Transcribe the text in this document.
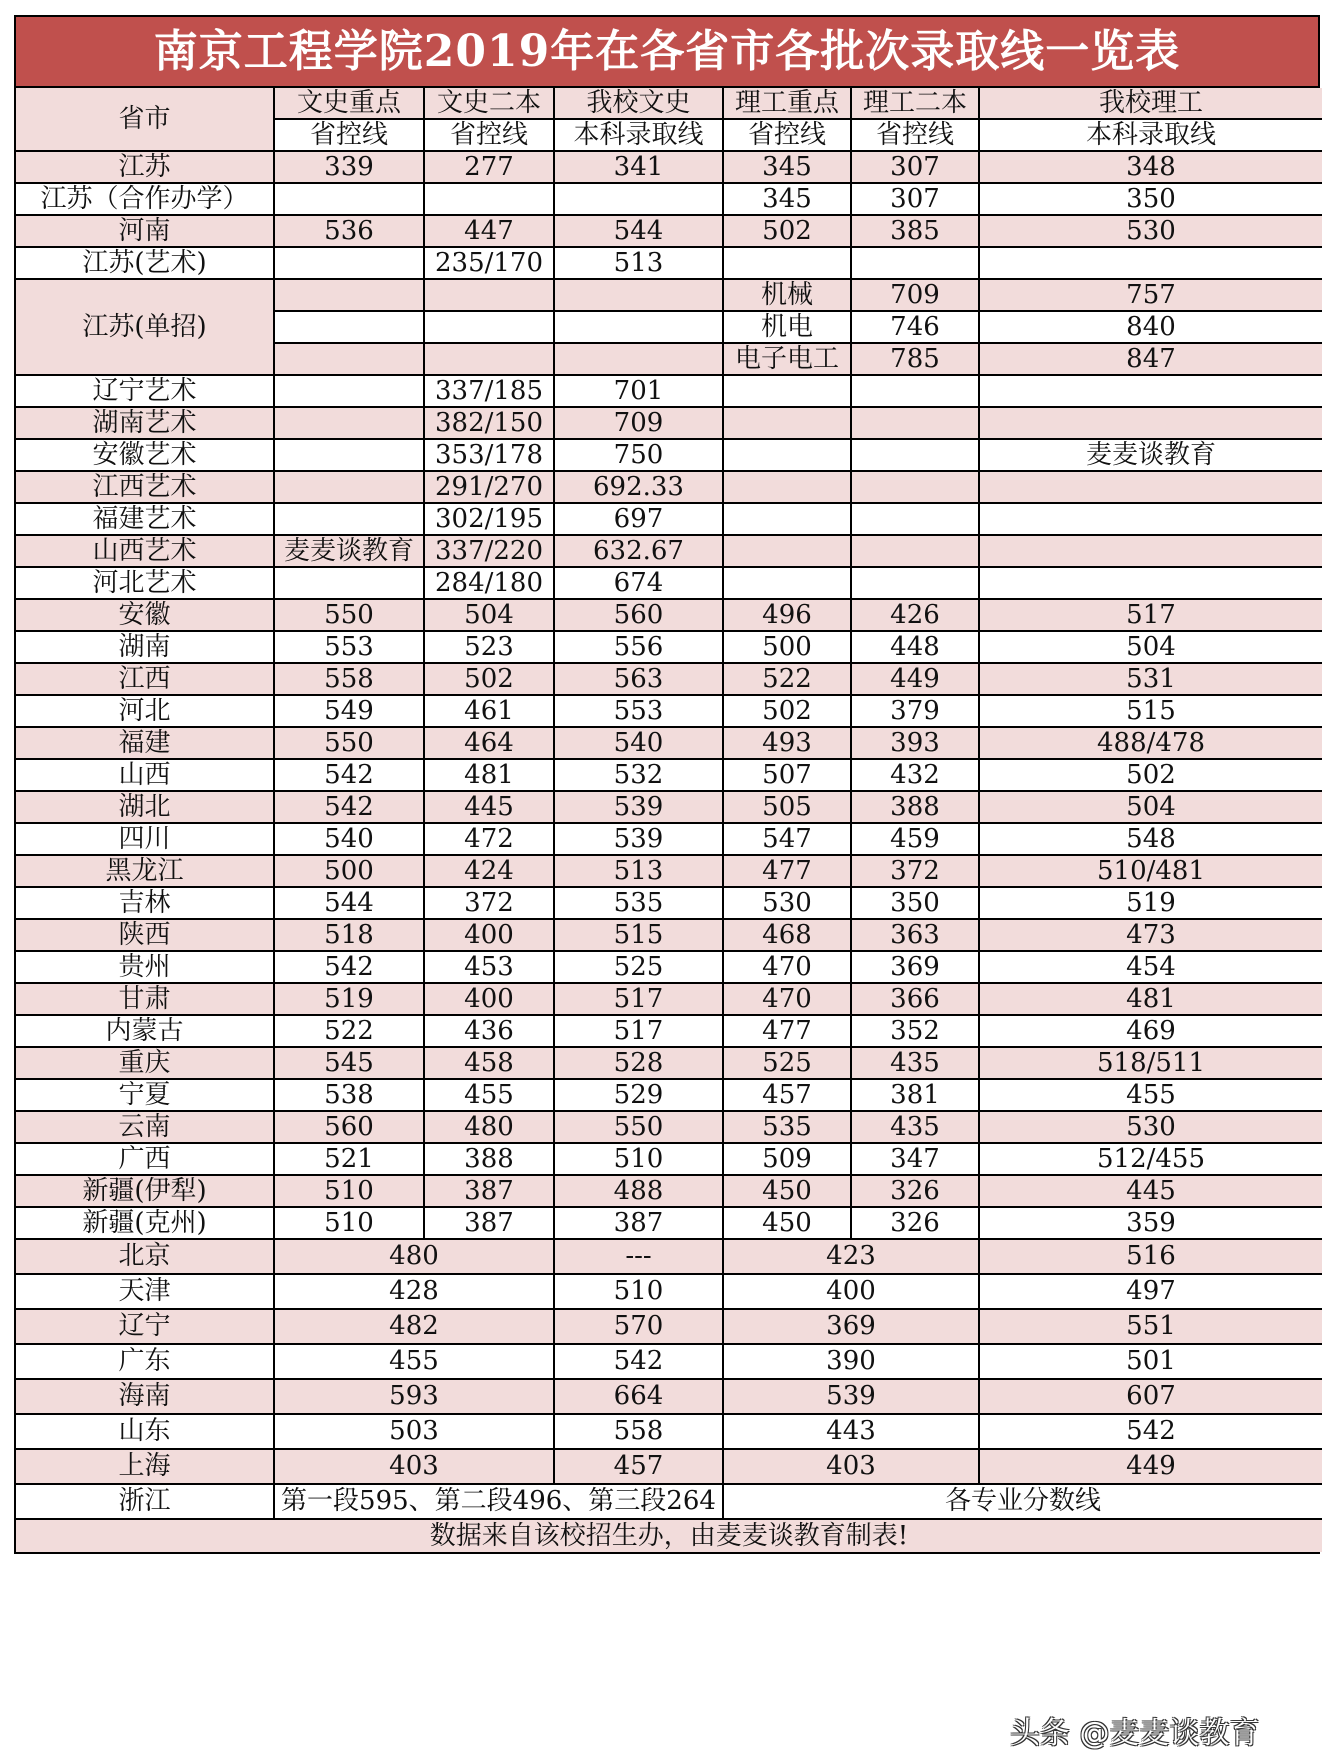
南京工程学院2019年在各省市各批次录取线一览表
省市	文史重点	文史二本	我校文史	理工重点	理工二本	我校理工
	省控线	省控线	本科录取线	省控线	省控线	本科录取线
江苏	339	277	341	345	307	348
江苏（合作办学）				345	307	350
河南	536	447	544	502	385	530
江苏(艺术)		235/170	513			
江苏(单招)				机械	709	757
				机电	746	840
				电子电工	785	847
辽宁艺术		337/185	701			
湖南艺术		382/150	709			
安徽艺术		353/178	750			麦麦谈教育
江西艺术		291/270	692.33			
福建艺术		302/195	697			
山西艺术	麦麦谈教育	337/220	632.67			
河北艺术		284/180	674			
安徽	550	504	560	496	426	517
湖南	553	523	556	500	448	504
江西	558	502	563	522	449	531
河北	549	461	553	502	379	515
福建	550	464	540	493	393	488/478
山西	542	481	532	507	432	502
湖北	542	445	539	505	388	504
四川	540	472	539	547	459	548
黑龙江	500	424	513	477	372	510/481
吉林	544	372	535	530	350	519
陕西	518	400	515	468	363	473
贵州	542	453	525	470	369	454
甘肃	519	400	517	470	366	481
内蒙古	522	436	517	477	352	469
重庆	545	458	528	525	435	518/511
宁夏	538	455	529	457	381	455
云南	560	480	550	535	435	530
广西	521	388	510	509	347	512/455
新疆(伊犁)	510	387	488	450	326	445
新疆(克州)	510	387	387	450	326	359
北京	480		---	423		516
天津	428		510	400		497
辽宁	482		570	369		551
广东	455		542	390		501
海南	593		664	539		607
山东	503		558	443		542
上海	403		457	403		449
浙江	第一段595、第二段496、第三段264			各专业分数线		
数据来自该校招生办，由麦麦谈教育制表!						
头条 @麦麦谈教育
